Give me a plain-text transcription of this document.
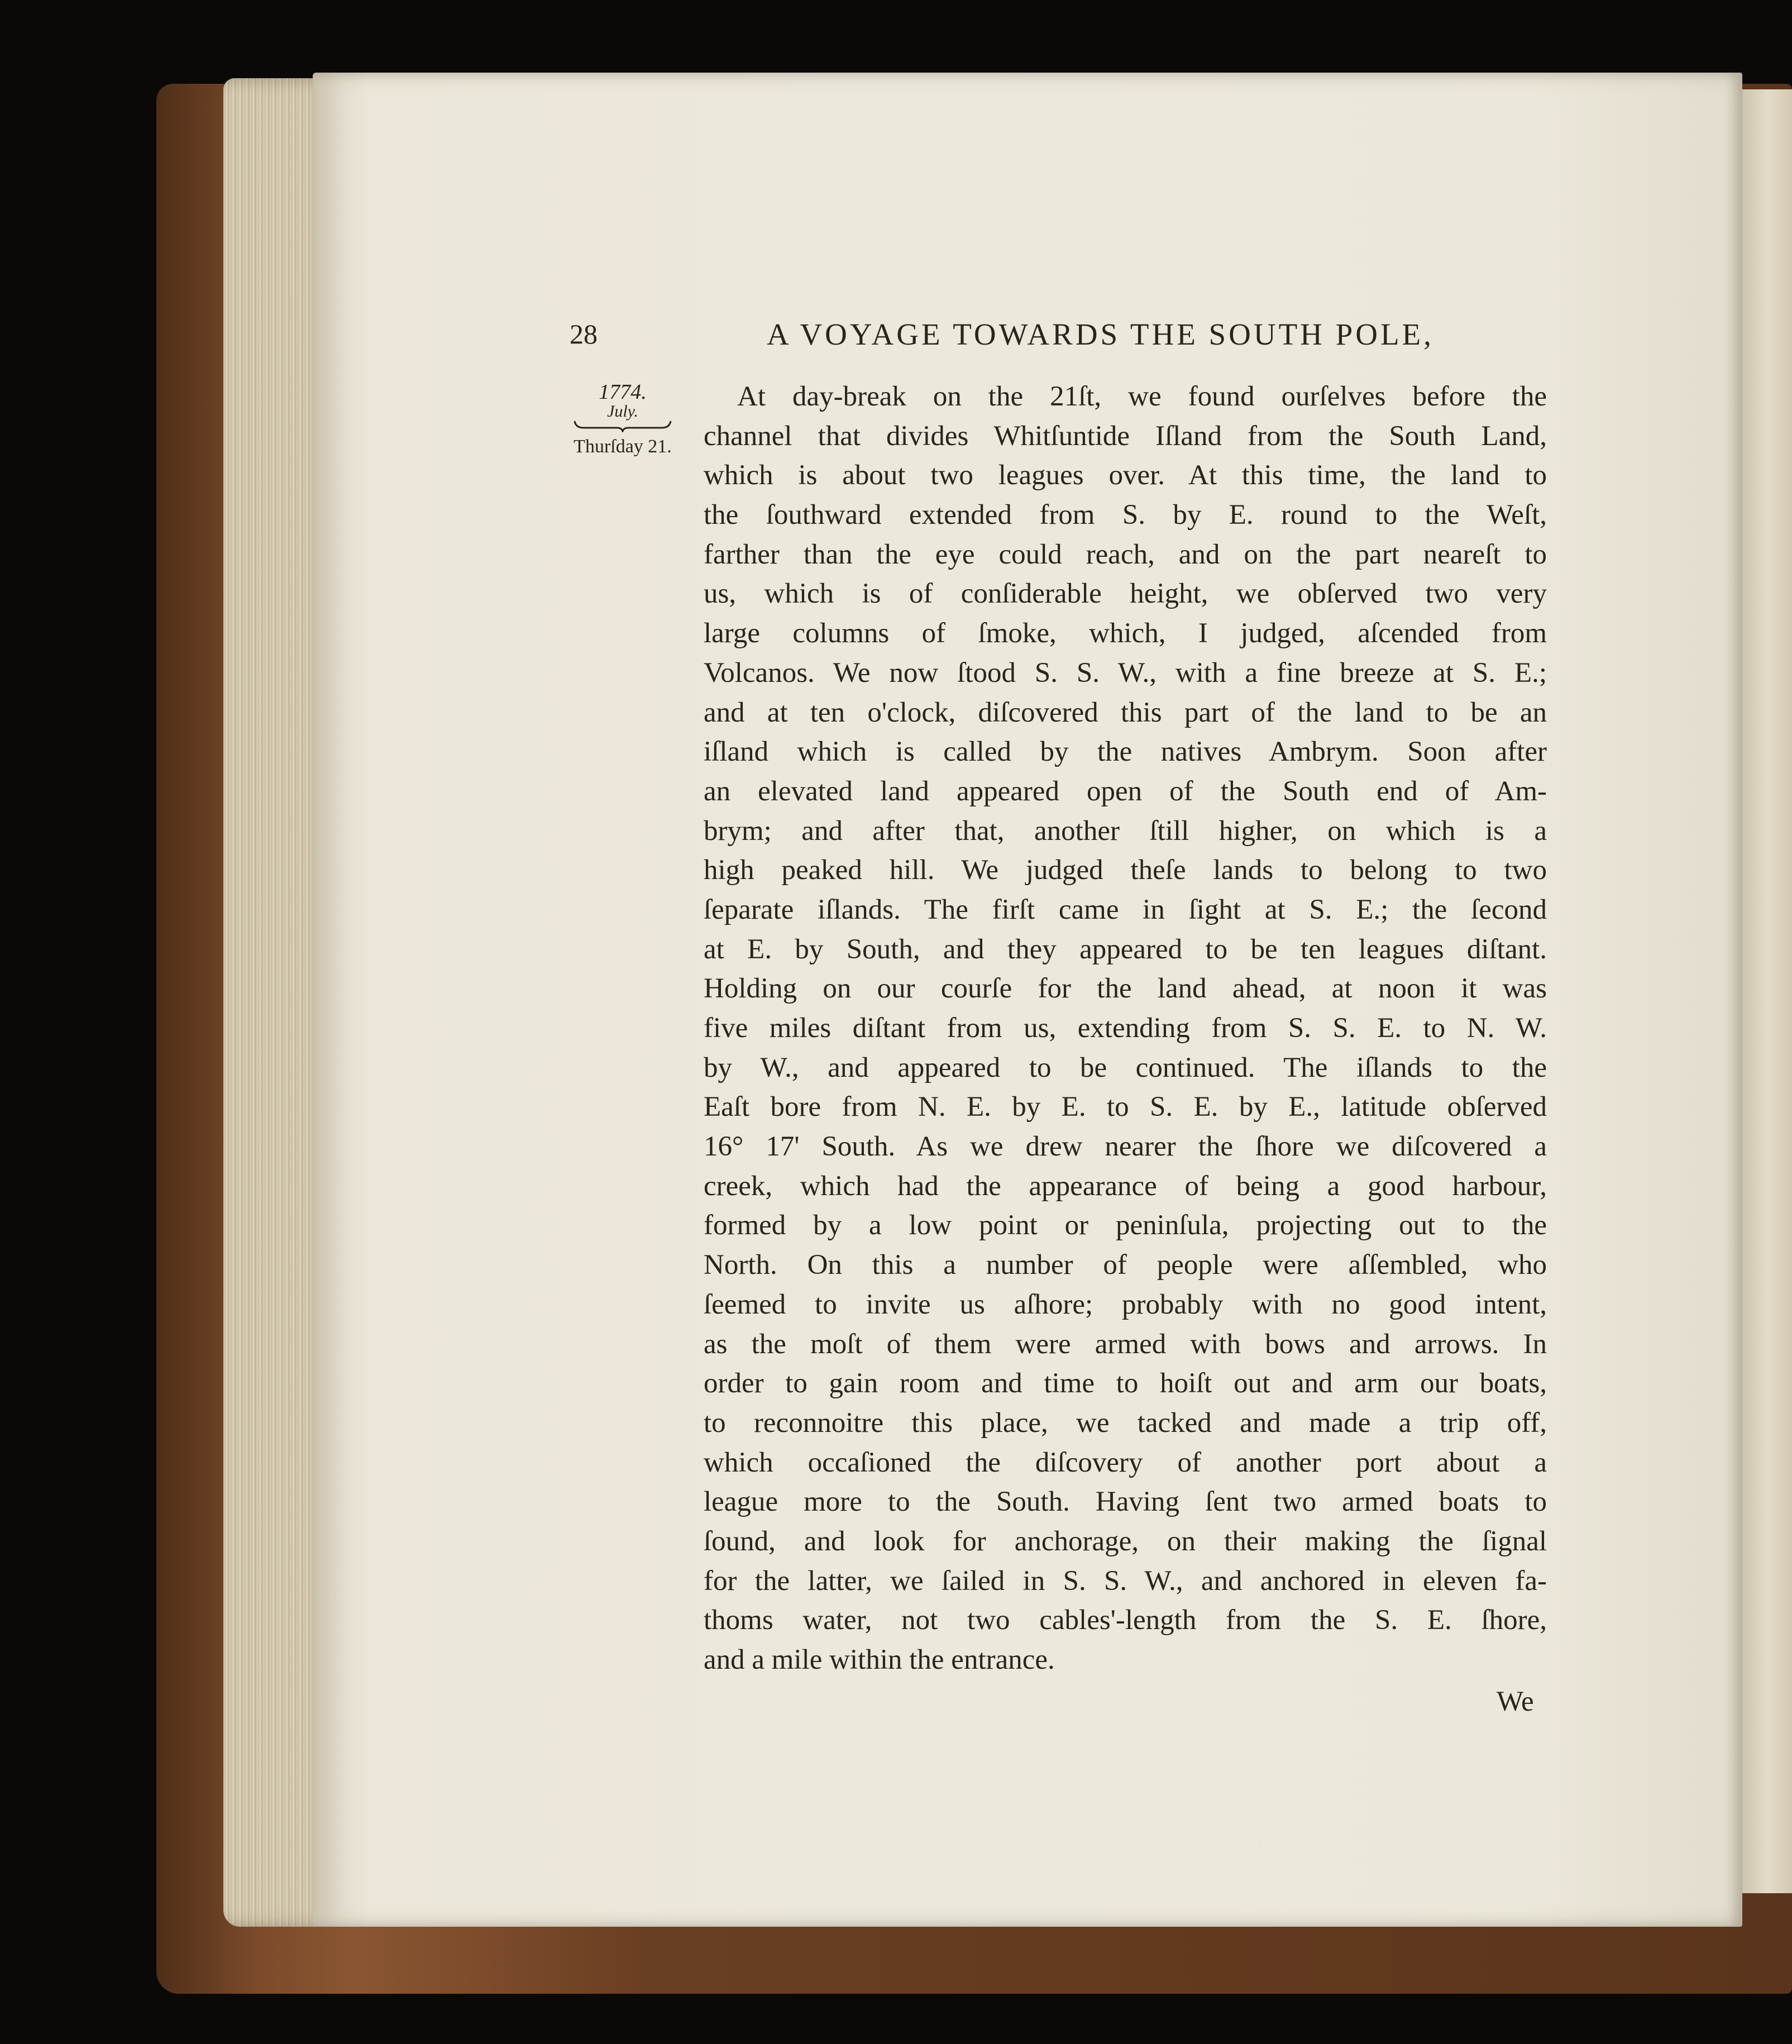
28	A VOYAGE TOWARDS THE SOUTH POLE,

1774.
July.
Thurſday 21.
At day-break on the 21ſt, we found ourſelves before the
channel that divides Whitſuntide Iſland from the South Land,
which is about two leagues over. At this time, the land to
the ſouthward extended from S. by E. round to the Weſt,
farther than the eye could reach, and on the part neareſt to
us, which is of conſiderable height, we obſerved two very
large columns of ſmoke, which, I judged, aſcended from
Volcanos. We now ſtood S. S. W., with a fine breeze at S. E.;
and at ten o'clock, diſcovered this part of the land to be an
iſland which is called by the natives Ambrym. Soon after
an elevated land appeared open of the South end of Am-
brym; and after that, another ſtill higher, on which is a
high peaked hill. We judged theſe lands to belong to two
ſeparate iſlands. The firſt came in ſight at S. E.; the ſecond
at E. by South, and they appeared to be ten leagues diſtant.
Holding on our courſe for the land ahead, at noon it was
five miles diſtant from us, extending from S. S. E. to N. W.
by W., and appeared to be continued. The iſlands to the
Eaſt bore from N. E. by E. to S. E. by E., latitude obſerved
16° 17' South. As we drew nearer the ſhore we diſcovered a
creek, which had the appearance of being a good harbour,
formed by a low point or peninſula, projecting out to the
North. On this a number of people were aſſembled, who
ſeemed to invite us aſhore; probably with no good intent,
as the moſt of them were armed with bows and arrows. In
order to gain room and time to hoiſt out and arm our boats,
to reconnoitre this place, we tacked and made a trip off,
which occaſioned the diſcovery of another port about a
league more to the South. Having ſent two armed boats to
ſound, and look for anchorage, on their making the ſignal
for the latter, we ſailed in S. S. W., and anchored in eleven fa-
thoms water, not two cables'-length from the S. E. ſhore,
and a mile within the entrance.

We
